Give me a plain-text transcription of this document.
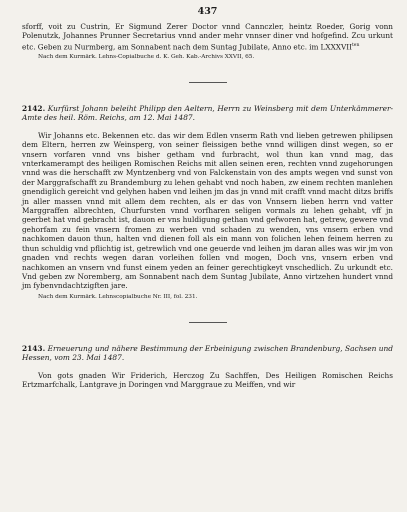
437

sforff, voit zu Custrin, Er Sigmund Zerer Doctor vnnd Cannczler, heintz Roeder, Gorig vonn Polenutzk, Johannes Prunner Secretarius vnnd ander mehr vnnser diner vnd hofgefind. Zcu urkunt etc. Geben zu Nurmberg, am Sonnabent nach dem Suntag Jubilate, Anno etc. im $LXXXVII^{ten}$

Nach dem Kurmärk. Lehns-Copialbuche d. K. Geh. Kab.-Archivs XXVII, 65.

2142. Kurfürst Johann beleiht Philipp den Aeltern, Herrn zu Weinsberg mit dem Unterkämmerer-Amte des heil. Röm. Reichs, am 12. Mai 1487.

Wir Johanns etc. Bekennen etc. das wir dem Edlen vnserm Rath vnd lieben getrewen philipsen dem Eltern, herren zw Weinsperg, von seiner fleissigen bethe vnnd willigen dinst wegen, so er vnsern vorfaren vnnd vns bisher getham vnd furbracht, wol thun kan vnnd mag, das vnterkamerampt des heiligen Romischen Reichs mit allen seinen eren, rechten vnnd zugehorungen vnnd was die herschafft zw Myntzenberg vnd von Falckenstain von des ampts wegen vnd sunst von der Marggrafschafft zu Brandemburg zu lehen gehabt vnd noch haben, zw einem rechten manlehen gnendiglich gereicht vnd gelyhen haben vnd leihen jm das jn vnnd mit crafft vnnd macht ditzs briffs jn aller massen vnnd mit allem dem rechten, als er das von Vnnsern lieben herrn vnd vatter Marggraffen albrechten, Churfursten vnnd vorfharen seligen vormals zu lehen gehabt, vff jn geerbet hat vnd gebracht ist, dauon er vns huldigung gethan vnd gefworen hat, getrew, gewere vnd gehorfam zu fein vnsern fromen zu werben vnd schaden zu wenden, vns vnsern erben vnd nachkomen dauon thun, halten vnd dienen foll als ein mann von folichen lehen feinem herren zu thun schuldig vnd pflichtig ist, getrewlich vnd one geuerde vnd leihen jm daran alles was wir jm von gnaden vnd rechts wegen daran vorleihen follen vnd mogen, Doch vns, vnsern erben vnd nachkomen an vnsern vnd funst einem yeden an feiner gerechtigkeyt vnschedlich. Zu urkundt etc. Vnd geben zw Noremberg, am Sonnabent nach dem Suntag Jubilate, Anno virtzehen hundert vnnd jm fybenvndachtzigften jare.

Nach dem Kurmärk. Lehnscopialbuche Nr. III, fol. 231.

2143. Erneuerung und nähere Bestimmung der Erbeinigung zwischen Brandenburg, Sachsen und Hessen, vom 23. Mai 1487.

Von gots gnaden Wir Friderich, Herczog Zu Sachffen, Des Heiligen Romischen Reichs Ertzmarfchalk, Lantgrave jn Doringen vnd Marggraue zu Meiffen, vnd wir
